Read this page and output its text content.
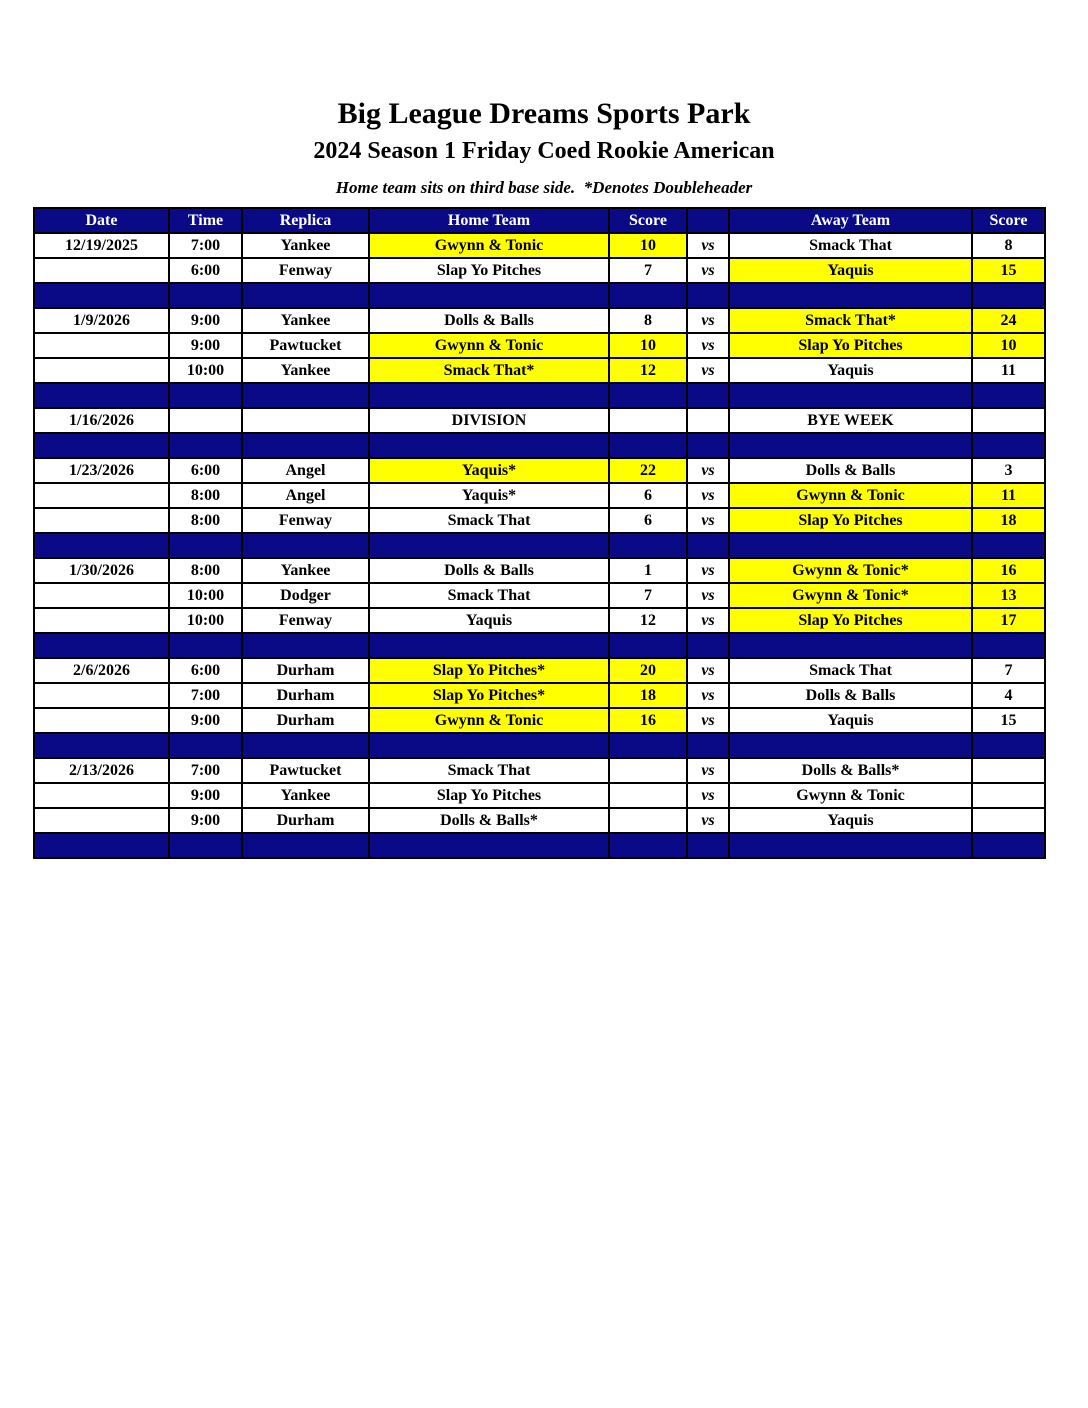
Big League Dreams Sports Park
2024 Season 1 Friday Coed Rookie American
Home team sits on third base side.  *Denotes Doubleheader
Date	Time	Replica	Home Team	Score		Away Team	Score
12/19/2025	7:00	Yankee	Gwynn & Tonic	10	vs	Smack That	8
	6:00	Fenway	Slap Yo Pitches	7	vs	Yaquis	15

1/9/2026	9:00	Yankee	Dolls & Balls	8	vs	Smack That*	24
	9:00	Pawtucket	Gwynn & Tonic	10	vs	Slap Yo Pitches	10
	10:00	Yankee	Smack That*	12	vs	Yaquis	11

1/16/2026			DIVISION			BYE WEEK	

1/23/2026	6:00	Angel	Yaquis*	22	vs	Dolls & Balls	3
	8:00	Angel	Yaquis*	6	vs	Gwynn & Tonic	11
	8:00	Fenway	Smack That	6	vs	Slap Yo Pitches	18

1/30/2026	8:00	Yankee	Dolls & Balls	1	vs	Gwynn & Tonic*	16
	10:00	Dodger	Smack That	7	vs	Gwynn & Tonic*	13
	10:00	Fenway	Yaquis	12	vs	Slap Yo Pitches	17

2/6/2026	6:00	Durham	Slap Yo Pitches*	20	vs	Smack That	7
	7:00	Durham	Slap Yo Pitches*	18	vs	Dolls & Balls	4
	9:00	Durham	Gwynn & Tonic	16	vs	Yaquis	15

2/13/2026	7:00	Pawtucket	Smack That		vs	Dolls & Balls*	
	9:00	Yankee	Slap Yo Pitches		vs	Gwynn & Tonic	
	9:00	Durham	Dolls & Balls*		vs	Yaquis	
